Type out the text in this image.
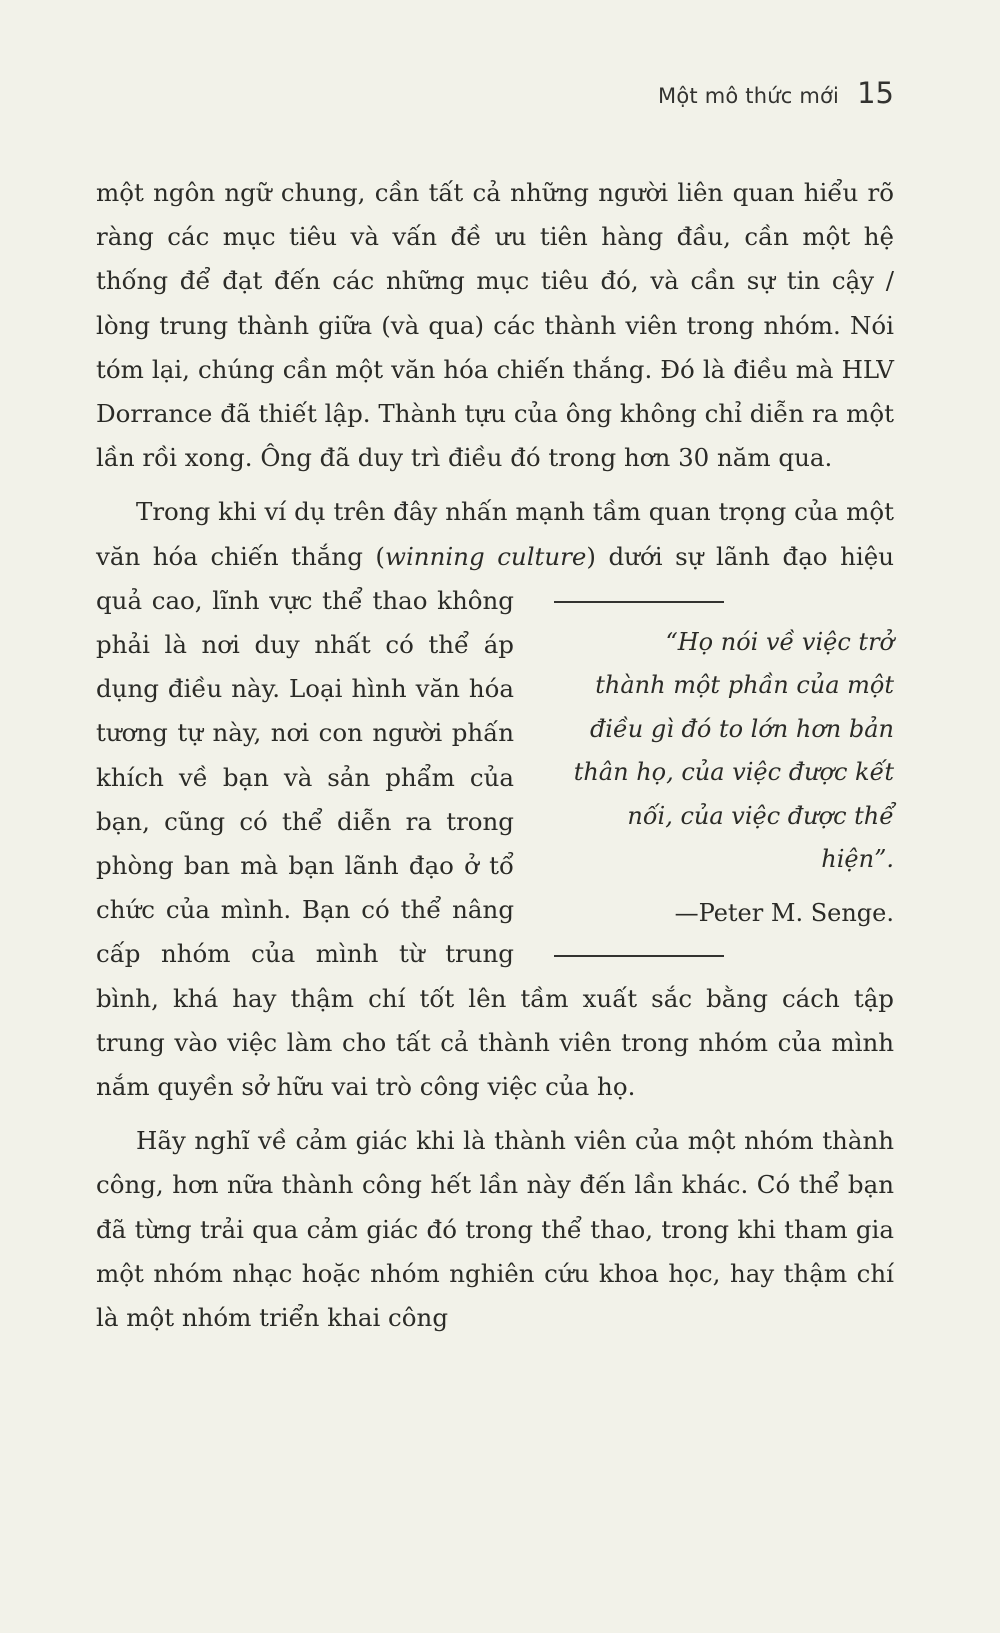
Một mô thức mới 15

một ngôn ngữ chung, cần tất cả những người liên quan hiểu rõ ràng các mục tiêu và vấn đề ưu tiên hàng đầu, cần một hệ thống để đạt đến các những mục tiêu đó, và cần sự tin cậy / lòng trung thành giữa (và qua) các thành viên trong nhóm. Nói tóm lại, chúng cần một văn hóa chiến thắng. Đó là điều mà HLV Dorrance đã thiết lập. Thành tựu của ông không chỉ diễn ra một lần rồi xong. Ông đã duy trì điều đó trong hơn 30 năm qua.

Trong khi ví dụ trên đây nhấn mạnh tầm quan trọng của một văn hóa chiến thắng (winning culture) dưới sự
“Họ nói về việc trở thành một phần của một điều gì đó to lớn hơn bản thân họ, của việc được kết nối, của việc được thể hiện”.
—Peter M. Senge.
lãnh đạo hiệu quả cao, lĩnh vực thể thao không phải là nơi duy nhất có thể áp dụng điều này. Loại hình văn hóa tương tự này, nơi con người phấn khích về bạn và sản phẩm của bạn, cũng có thể diễn ra trong phòng ban mà bạn lãnh đạo ở tổ chức của mình. Bạn có thể nâng cấp nhóm của mình từ trung bình, khá hay thậm chí tốt lên tầm xuất sắc bằng cách tập trung vào việc làm cho tất cả thành viên trong nhóm của mình nắm quyền sở hữu vai trò công việc của họ.

Hãy nghĩ về cảm giác khi là thành viên của một nhóm thành công, hơn nữa thành công hết lần này đến lần khác. Có thể bạn đã từng trải qua cảm giác đó trong thể thao, trong khi tham gia một nhóm nhạc hoặc nhóm nghiên cứu khoa học, hay thậm chí là một nhóm triển khai công
